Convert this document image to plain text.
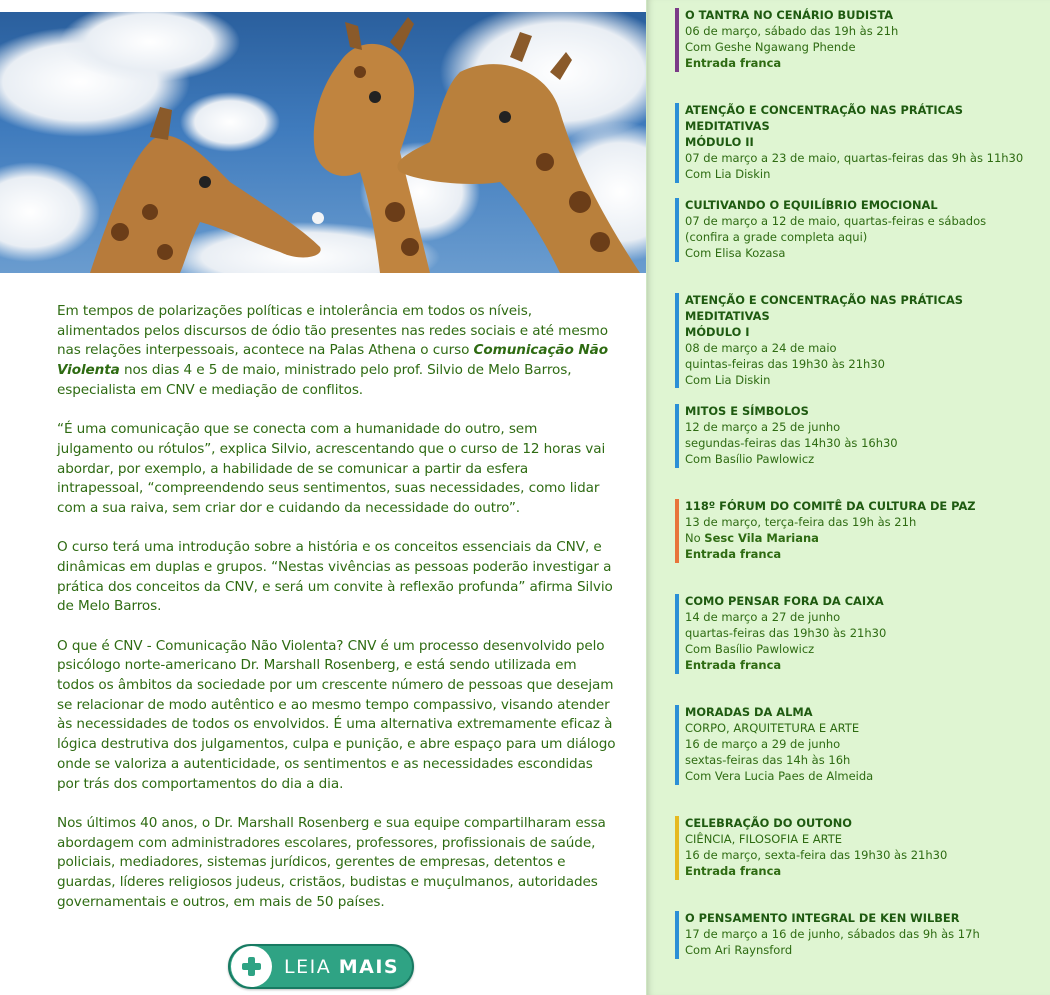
Em tempos de polarizações políticas e intolerância em todos os níveis, alimentados pelos discursos de ódio tão presentes nas redes sociais e até mesmo nas relações interpessoais, acontece na Palas Athena o curso Comunicação Não Violenta nos dias 4 e 5 de maio, ministrado pelo prof. Silvio de Melo Barros, especialista em CNV e mediação de conflitos.

“É uma comunicação que se conecta com a humanidade do outro, sem julgamento ou rótulos”, explica Silvio, acrescentando que o curso de 12 horas vai abordar, por exemplo, a habilidade de se comunicar a partir da esfera intrapessoal, “compreendendo seus sentimentos, suas necessidades, como lidar com a sua raiva, sem criar dor e cuidando da necessidade do outro”.

O curso terá uma introdução sobre a história e os conceitos essenciais da CNV, e dinâmicas em duplas e grupos. “Nestas vivências as pessoas poderão investigar a prática dos conceitos da CNV, e será um convite à reflexão profunda” afirma Silvio de Melo Barros.

O que é CNV - Comunicação Não Violenta? CNV é um processo desenvolvido pelo psicólogo norte-americano Dr. Marshall Rosenberg, e está sendo utilizada em todos os âmbitos da sociedade por um crescente número de pessoas que desejam se relacionar de modo autêntico e ao mesmo tempo compassivo, visando atender às necessidades de todos os envolvidos. É uma alternativa extremamente eficaz à lógica destrutiva dos julgamentos, culpa e punição, e abre espaço para um diálogo onde se valoriza a autenticidade, os sentimentos e as necessidades escondidas por trás dos comportamentos do dia a dia.

Nos últimos 40 anos, o Dr. Marshall Rosenberg e sua equipe compartilharam essa abordagem com administradores escolares, professores, profissionais de saúde, policiais, mediadores, sistemas jurídicos, gerentes de empresas, detentos e guardas, líderes religiosos judeus, cristãos, budistas e muçulmanos, autoridades governamentais e outros, em mais de 50 países.

LEIA MAIS
O TANTRA NO CENÁRIO BUDISTA
06 de março, sábado das 19h às 21h
Com Geshe Ngawang Phende
Entrada franca
ATENÇÃO E CONCENTRAÇÃO NAS PRÁTICAS MEDITATIVAS
MÓDULO II
07 de março a 23 de maio, quartas-feiras das 9h às 11h30
Com Lia Diskin
CULTIVANDO O EQUILÍBRIO EMOCIONAL
07 de março a 12 de maio, quartas-feiras e sábados
(confira a grade completa aqui)
Com Elisa Kozasa
ATENÇÃO E CONCENTRAÇÃO NAS PRÁTICAS MEDITATIVAS
MÓDULO I
08 de março a 24 de maio
quintas-feiras das 19h30 às 21h30
Com Lia Diskin
MITOS E SÍMBOLOS
12 de março a 25 de junho
segundas-feiras das 14h30 às 16h30
Com Basílio Pawlowicz
118º FÓRUM DO COMITÊ DA CULTURA DE PAZ
13 de março, terça-feira das 19h às 21h
No Sesc Vila Mariana
Entrada franca
COMO PENSAR FORA DA CAIXA
14 de março a 27 de junho
quartas-feiras das 19h30 às 21h30
Com Basílio Pawlowicz
Entrada franca
MORADAS DA ALMA
CORPO, ARQUITETURA E ARTE
16 de março a 29 de junho
sextas-feiras das 14h às 16h
Com Vera Lucia Paes de Almeida
CELEBRAÇÃO DO OUTONO
CIÊNCIA, FILOSOFIA E ARTE
16 de março, sexta-feira das 19h30 às 21h30
Entrada franca
O PENSAMENTO INTEGRAL DE KEN WILBER
17 de março a 16 de junho, sábados das 9h às 17h
Com Ari Raynsford
